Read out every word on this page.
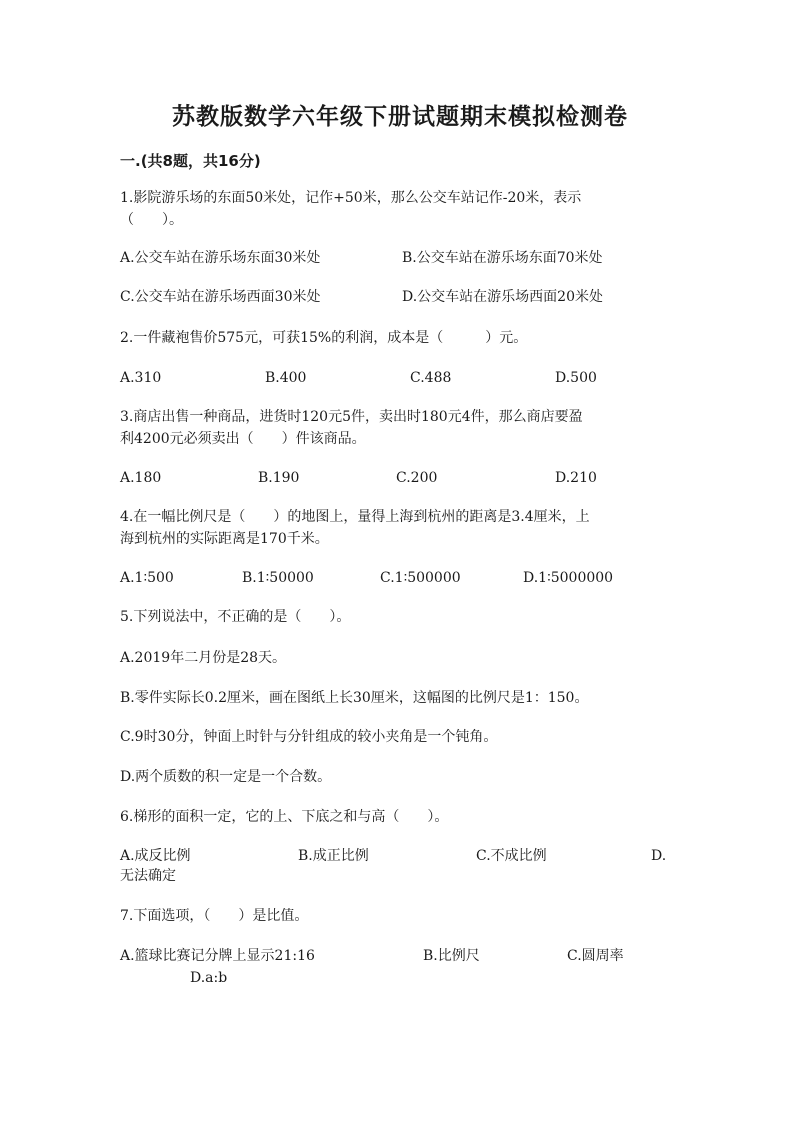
苏教版数学六年级下册试题期末模拟检测卷
一.(共8题，共16分)
1.影院游乐场的东面50米处，记作+50米，那么公交车站记作-20米，表示
（　　）。
A.公交车站在游乐场东面30米处	B.公交车站在游乐场东面70米处
C.公交车站在游乐场西面30米处	D.公交车站在游乐场西面20米处
2.一件藏袍售价575元，可获15%的利润，成本是（　　　）元。
A.310	B.400	C.488	D.500
3.商店出售一种商品，进货时120元5件，卖出时180元4件，那么商店要盈
利4200元必须卖出（　　）件该商品。
A.180	B.190	C.200	D.210
4.在一幅比例尺是（　　）的地图上，量得上海到杭州的距离是3.4厘米，上
海到杭州的实际距离是170千米。
A.1∶500	B.1∶50000	C.1∶500000	D.1∶5000000
5.下列说法中，不正确的是（　　）。
A.2019年二月份是28天。
B.零件实际长0.2厘米，画在图纸上长30厘米，这幅图的比例尺是1：150。
C.9时30分，钟面上时针与分针组成的较小夹角是一个钝角。
D.两个质数的积一定是一个合数。
6.梯形的面积一定，它的上、下底之和与高（　　）。
A.成反比例	B.成正比例	C.不成比例	D.
无法确定
7.下面选项，（　　）是比值。
A.篮球比赛记分牌上显示21:16	B.比例尺	C.圆周率
D.a:b
